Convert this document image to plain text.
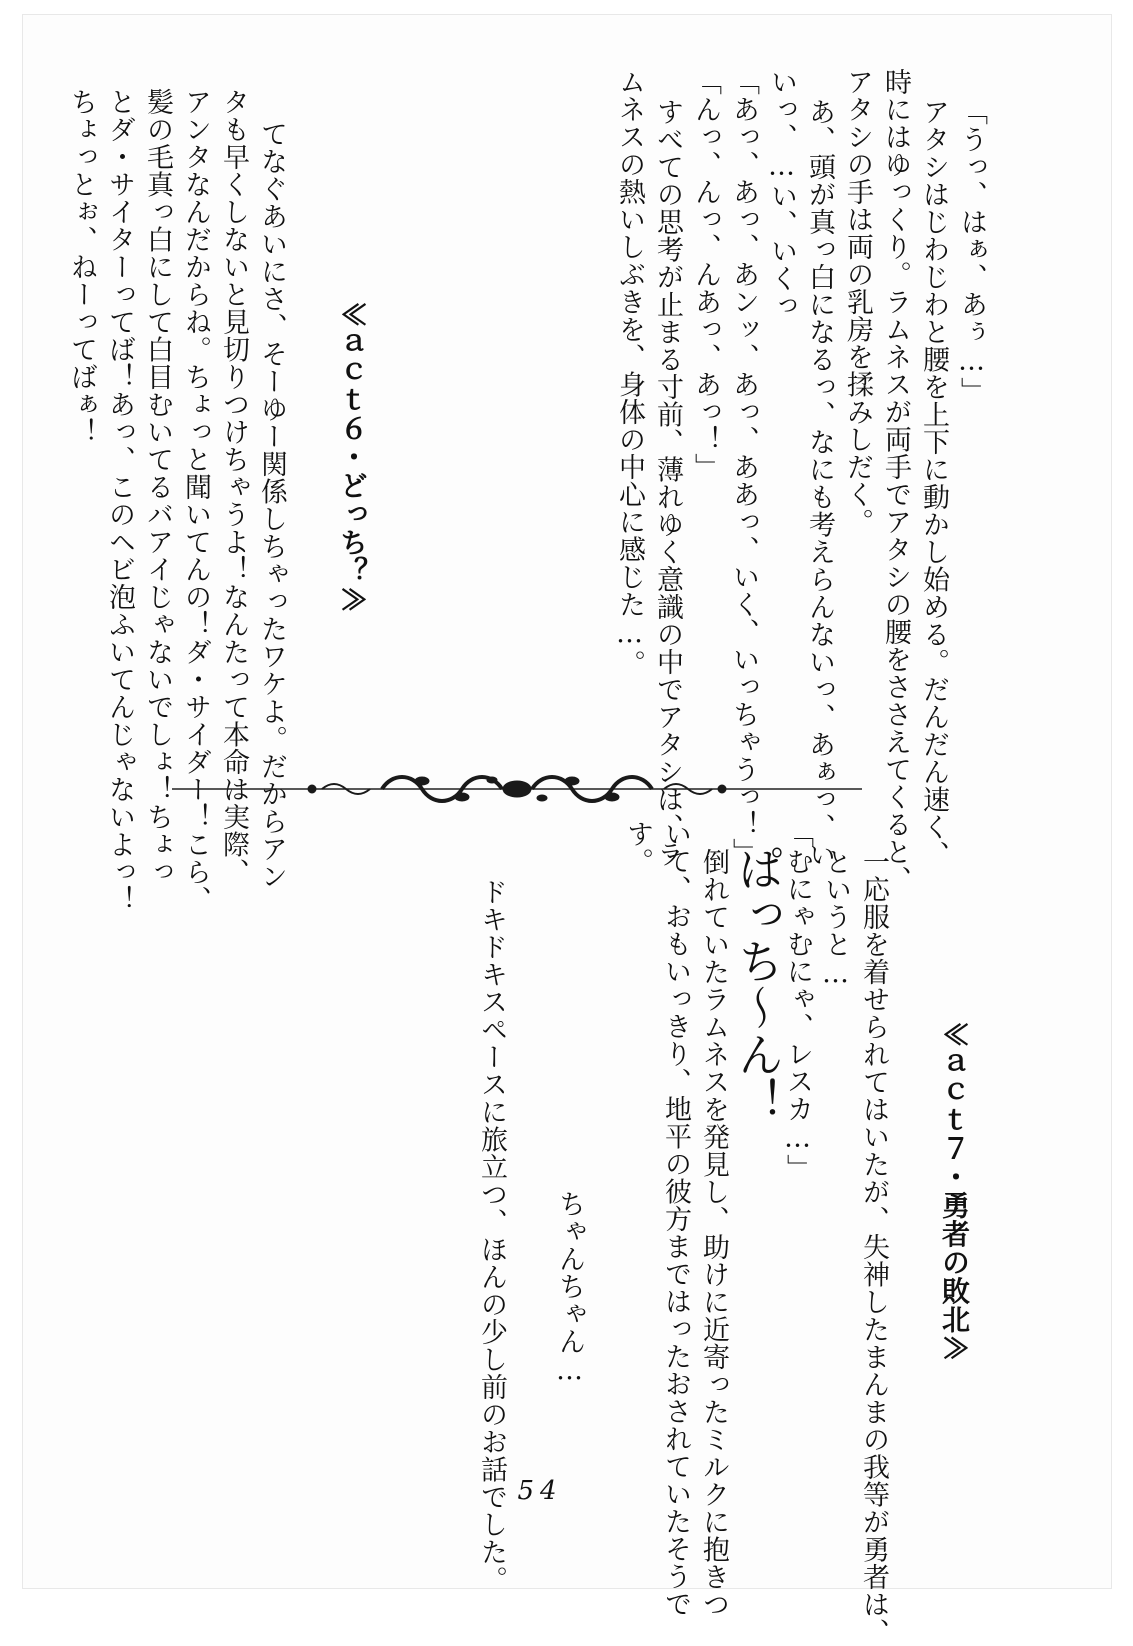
「うっ、はぁ、あぅ…」
アタシはじわじわと腰を上下に動かし始める。だんだん速く、
時にはゆっくり。ラムネスが両手でアタシの腰をささえてくると、
アタシの手は両の乳房を揉みしだく。
あ、頭が真っ白になるっ、なにも考えらんないっ、あぁっ、い
いっ、…い、いくっ
「あっ、あっ、あンッ、あっ、ああっ、いく、いっちゃうっ！」
「んっ、んっ、んあっ、あっ！」
すべての思考が止まる寸前、薄れゆく意識の中でアタシは、ラ
ムネスの熱いしぶきを、身体の中心に感じた…。
≪ａｃｔ６・どっち？≫
てなぐあいにさ、そーゆー関係しちゃったワケよ。だからアン
タも早くしないと見切りつけちゃうよ！なんたって本命は実際、
アンタなんだからね。ちょっと聞いてんの！ダ・サイダー！こら、
髪の毛真っ白にして白目むいてるバアイじゃないでしょ！ちょっ
とダ・サイターってば！あっ、このヘビ泡ふいてんじゃないよっ！
ちょっとぉ、ねーってばぁ！
≪ａｃｔ７・勇者の敗北≫
一応服を着せられてはいたが、失神したまんまの我等が勇者は、
というと…
「むにゃむにゃ、レスカ…」
ぱっち〜ん！
倒れていたラムネスを発見し、助けに近寄ったミルクに抱きつ
いて、おもいっきり、地平の彼方まではったおされていたそうで
す。
ちゃんちゃん…
ドキドキスペースに旅立つ、ほんの少し前のお話でした。 54
